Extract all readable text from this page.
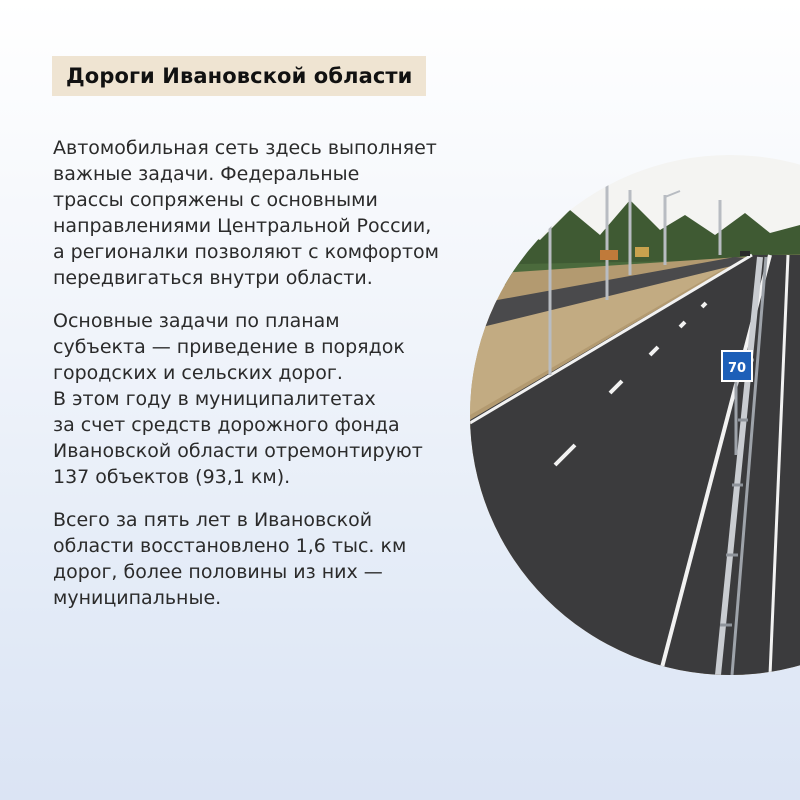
Дороги Ивановской области

Автомобильная сеть здесь выполняет
важные задачи. Федеральные
трассы сопряжены с основными
направлениями Центральной России,
а регионалки позволяют с комфортом
передвигаться внутри области.

Основные задачи по планам
субъекта — приведение в порядок
городских и сельских дорог.
В этом году в муниципалитетах
за счет средств дорожного фонда
Ивановской области отремонтируют
137 объектов (93,1 км).

Всего за пять лет в Ивановской
области восстановлено 1,6 тыс. км
дорог, более половины из них —
муниципальные.

70
